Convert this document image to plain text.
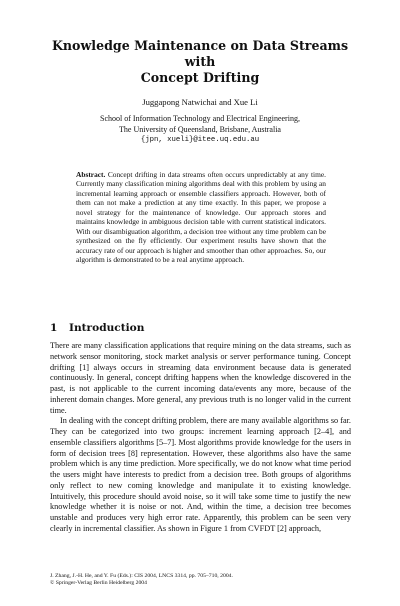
Knowledge Maintenance on Data Streams with
Concept Drifting
Juggapong Natwichai and Xue Li
School of Information Technology and Electrical Engineering,
The University of Queensland, Brisbane, Australia
{jpn, xueli}@itee.uq.edu.au
Abstract. Concept drifting in data streams often occurs unpredictably at any time. Currently many classification mining algorithms deal with this problem by using an incremental learning approach or ensemble classifiers approach. However, both of them can not make a prediction at any time exactly. In this paper, we propose a novel strategy for the maintenance of knowledge. Our approach stores and maintains knowledge in ambiguous decision table with current statistical indicators. With our disambiguation algorithm, a decision tree without any time problem can be synthesized on the fly efficiently. Our experiment results have shown that the accuracy rate of our approach is higher and smoother than other approaches. So, our algorithm is demonstrated to be a real anytime approach.
1 Introduction

There are many classification applications that require mining on the data streams, such as network sensor monitoring, stock market analysis or server performance tuning. Concept drifting [1] always occurs in streaming data environment because data is generated continuously. In general, concept drifting happens when the knowledge discovered in the past, is not applicable to the current incoming data/events any more, because of the inherent domain changes. More general, any previous truth is no longer valid in the current time.

In dealing with the concept drifting problem, there are many available algorithms so far. They can be categorized into two groups: increment learning approach [2–4], and ensemble classifiers algorithms [5–7]. Most algorithms provide knowledge for the users in form of decision trees [8] representation. However, these algorithms also have the same problem which is any time prediction. More specifically, we do not know what time period the users might have interests to predict from a decision tree. Both groups of algorithms only reflect to new coming knowledge and manipulate it to existing knowledge. Intuitively, this procedure should avoid noise, so it will take some time to justify the new knowledge whether it is noise or not. And, within the time, a decision tree becomes unstable and produces very high error rate. Apparently, this problem can be seen very clearly in incremental classifier. As shown in Figure 1 from CVFDT [2] approach,

J. Zhang, J.-H. He, and Y. Fu (Eds.): CIS 2004, LNCS 3314, pp. 705–710, 2004.
© Springer-Verlag Berlin Heidelberg 2004
